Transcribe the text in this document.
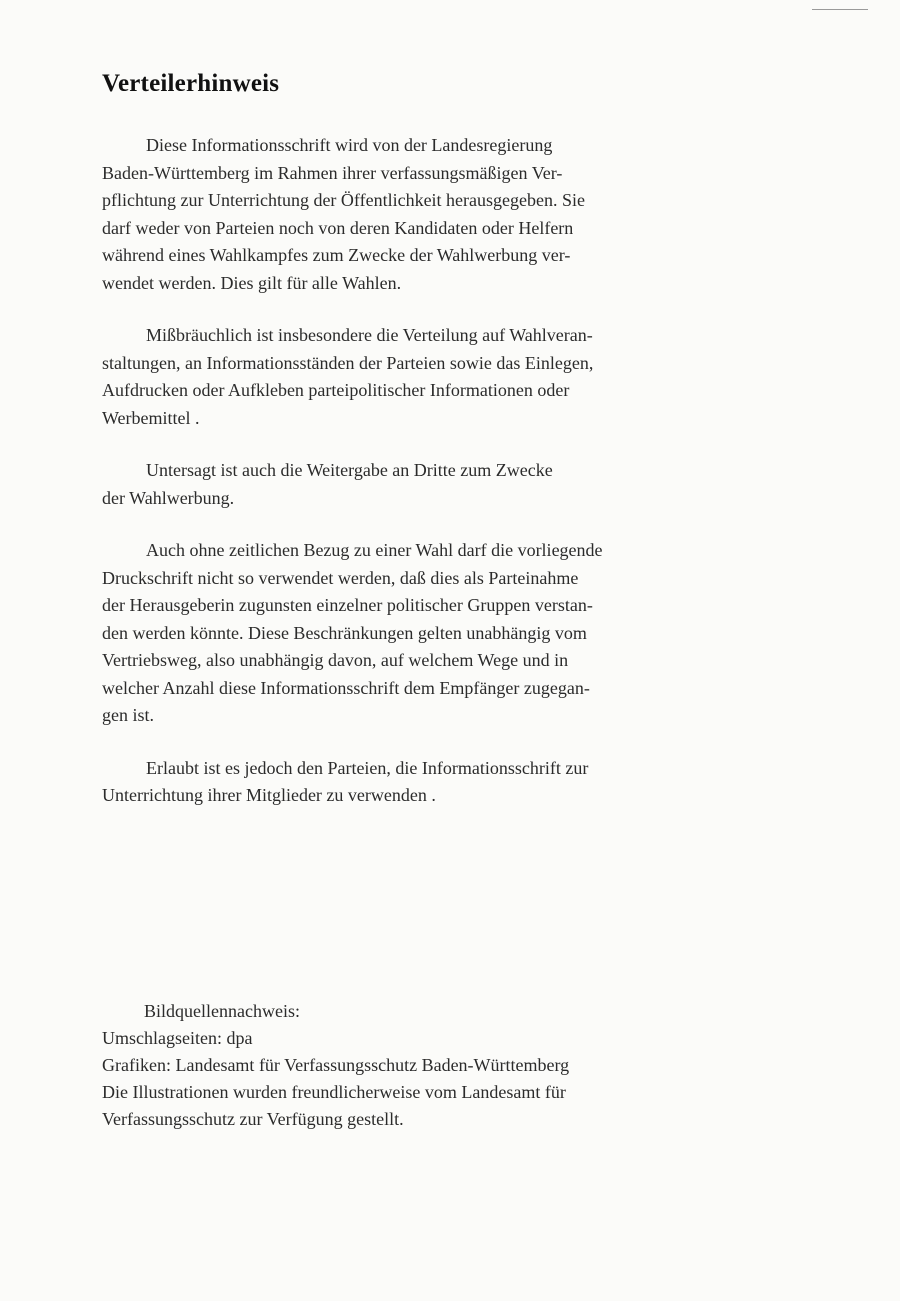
Verteilerhinweis

Diese Informationsschrift wird von der Landesregierung
Baden-Württemberg im Rahmen ihrer verfassungsmäßigen Ver-
pflichtung zur Unterrichtung der Öffentlichkeit herausgegeben. Sie
darf weder von Parteien noch von deren Kandidaten oder Helfern
während eines Wahlkampfes zum Zwecke der Wahlwerbung ver-
wendet werden. Dies gilt für alle Wahlen.

Mißbräuchlich ist insbesondere die Verteilung auf Wahlveran-
staltungen, an Informationsständen der Parteien sowie das Einlegen,
Aufdrucken oder Aufkleben parteipolitischer Informationen oder
Werbemittel .

Untersagt ist auch die Weitergabe an Dritte zum Zwecke
der Wahlwerbung.

Auch ohne zeitlichen Bezug zu einer Wahl darf die vorliegende
Druckschrift nicht so verwendet werden, daß dies als Parteinahme
der Herausgeberin zugunsten einzelner politischer Gruppen verstan-
den werden könnte. Diese Beschränkungen gelten unabhängig vom
Vertriebsweg, also unabhängig davon, auf welchem Wege und in
welcher Anzahl diese Informationsschrift dem Empfänger zugegan-
gen ist.

Erlaubt ist es jedoch den Parteien, die Informationsschrift zur
Unterrichtung ihrer Mitglieder zu verwenden .

Bildquellennachweis:
Umschlagseiten: dpa
Grafiken: Landesamt für Verfassungsschutz Baden-Württemberg
Die Illustrationen wurden freundlicherweise vom Landesamt für
Verfassungsschutz zur Verfügung gestellt.
